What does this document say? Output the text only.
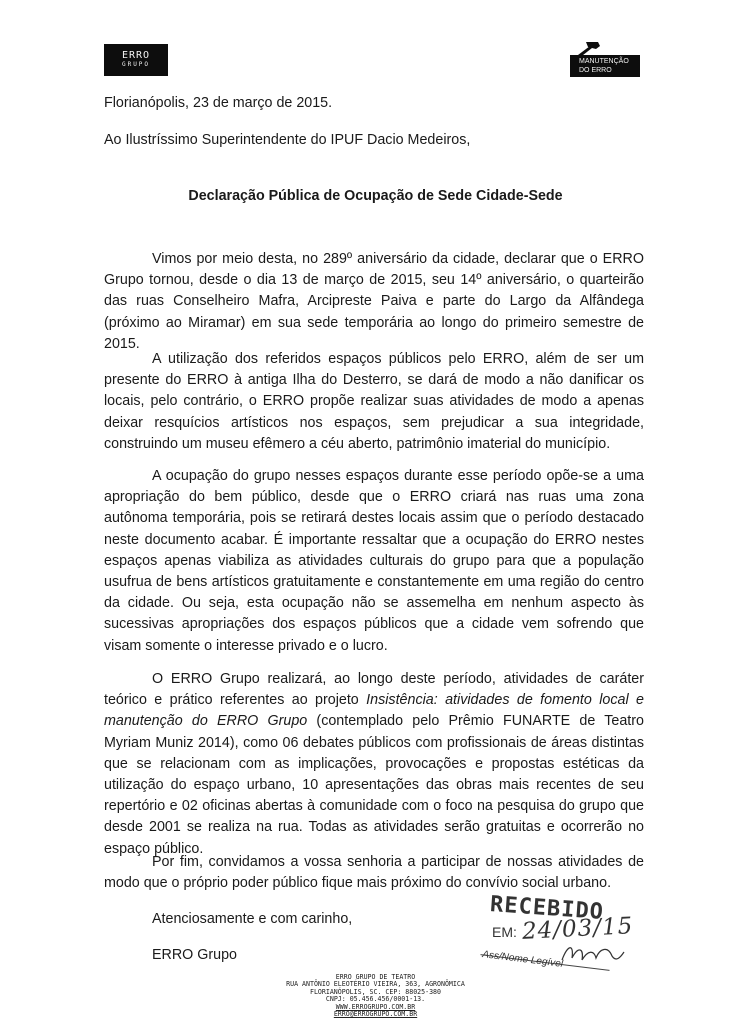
ERRO
GRUPO	MANUTENÇÃO
DO ERRO
Florianópolis, 23 de março de 2015.
Ao Ilustríssimo Superintendente do IPUF Dacio Medeiros,
Declaração Pública de Ocupação de Sede Cidade-Sede
Vimos por meio desta, no 289º aniversário da cidade, declarar que o ERRO Grupo tornou, desde o dia 13 de março de 2015, seu 14º aniversário, o quarteirão das ruas Conselheiro Mafra, Arcipreste Paiva e parte do Largo da Alfândega (próximo ao Miramar) em sua sede temporária ao longo do primeiro semestre de 2015.
A utilização dos referidos espaços públicos pelo ERRO, além de ser um presente do ERRO à antiga Ilha do Desterro, se dará de modo a não danificar os locais, pelo contrário, o ERRO propõe realizar suas atividades de modo a apenas deixar resquícios artísticos nos espaços, sem prejudicar a sua integridade, construindo um museu efêmero a céu aberto, patrimônio imaterial do município.
A ocupação do grupo nesses espaços durante esse período opõe-se a uma apropriação do bem público, desde que o ERRO criará nas ruas uma zona autônoma temporária, pois se retirará destes locais assim que o período destacado neste documento acabar. É importante ressaltar que a ocupação do ERRO nestes espaços apenas viabiliza as atividades culturais do grupo para que a população usufrua de bens artísticos gratuitamente e constantemente em uma região do centro da cidade. Ou seja, esta ocupação não se assemelha em nenhum aspecto às sucessivas apropriações dos espaços públicos que a cidade vem sofrendo que visam somente o interesse privado e o lucro.
O ERRO Grupo realizará, ao longo deste período, atividades de caráter teórico e prático referentes ao projeto Insistência: atividades de fomento local e manutenção do ERRO Grupo (contemplado pelo Prêmio FUNARTE de Teatro Myriam Muniz 2014), como 06 debates públicos com profissionais de áreas distintas que se relacionam com as implicações, provocações e propostas estéticas da utilização do espaço urbano, 10 apresentações das obras mais recentes de seu repertório e 02 oficinas abertas à comunidade com o foco na pesquisa do grupo que desde 2001 se realiza na rua. Todas as atividades serão gratuitas e ocorrerão no espaço público.
Por fim, convidamos a vossa senhoria a participar de nossas atividades de modo que o próprio poder público fique mais próximo do convívio social urbano.
Atenciosamente e com carinho,
ERRO Grupo
RECEBIDO
EM: 24/03/15
Ass/Nome Legível
ERRO GRUPO DE TEATRO
RUA ANTÔNIO ELEOTÉRIO VIEIRA, 363, AGRONÔMICA
FLORIANÓPOLIS, SC. CEP: 88025-380
CNPJ: 05.456.456/0001-13.
WWW.ERROGRUPO.COM.BR
ERRO@ERROGRUPO.COM.BR
